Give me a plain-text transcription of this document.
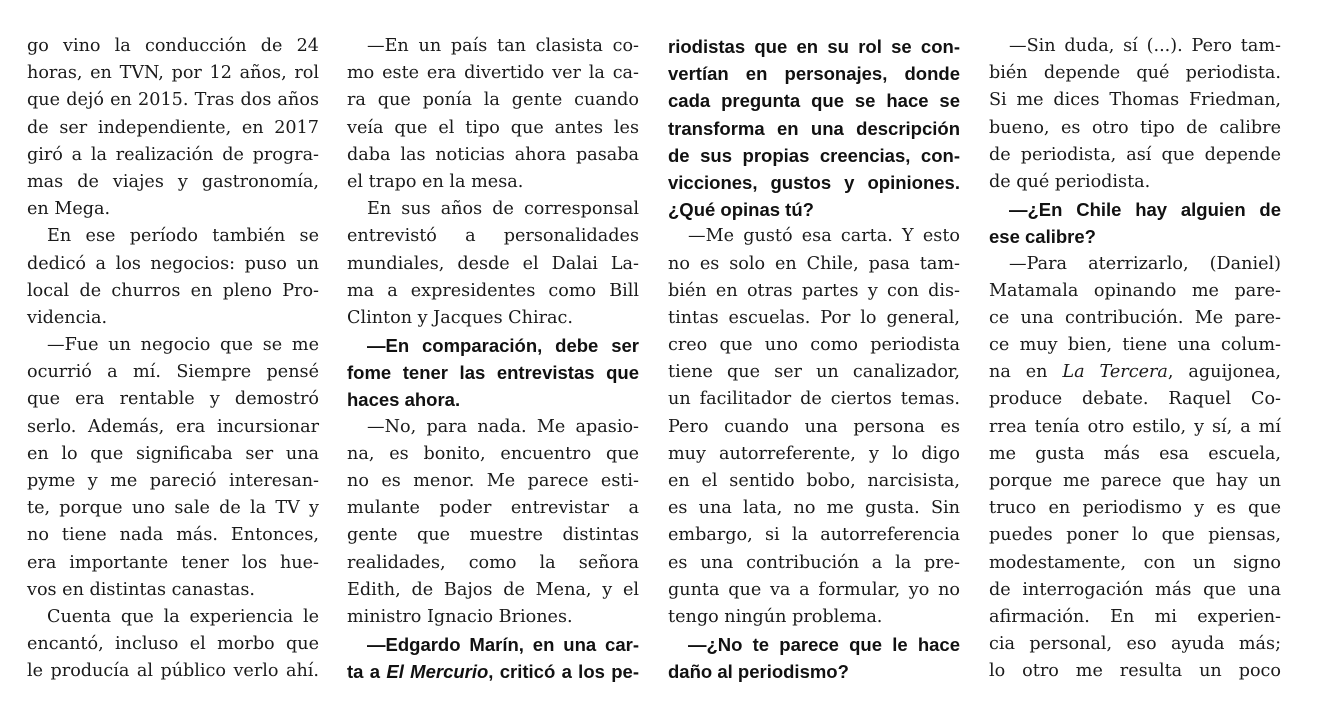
go vino la conducción de 24
horas, en TVN, por 12 años, rol
que dejó en 2015. Tras dos años
de ser independiente, en 2017
giró a la realización de progra-
mas de viajes y gastronomía,
en Mega.
En ese período también se
dedicó a los negocios: puso un
local de churros en pleno Pro-
videncia.
—Fue un negocio que se me
ocurrió a mí. Siempre pensé
que era rentable y demostró
serlo. Además, era incursionar
en lo que significaba ser una
pyme y me pareció interesan-
te, porque uno sale de la TV y
no tiene nada más. Entonces,
era importante tener los hue-
vos en distintas canastas.
Cuenta que la experiencia le
encantó, incluso el morbo que
le producía al público verlo ahí.
—En un país tan clasista co-
mo este era divertido ver la ca-
ra que ponía la gente cuando
veía que el tipo que antes les
daba las noticias ahora pasaba
el trapo en la mesa.
En sus años de corresponsal
entrevistó a personalidades
mundiales, desde el Dalai La-
ma a expresidentes como Bill
Clinton y Jacques Chirac.
—En comparación, debe ser
fome tener las entrevistas que
haces ahora.
—No, para nada. Me apasio-
na, es bonito, encuentro que
no es menor. Me parece esti-
mulante poder entrevistar a
gente que muestre distintas
realidades, como la señora
Edith, de Bajos de Mena, y el
ministro Ignacio Briones.
—Edgardo Marín, en una car-
ta a El Mercurio, criticó a los pe-
riodistas que en su rol se con-
vertían en personajes, donde
cada pregunta que se hace se
transforma en una descripción
de sus propias creencias, con-
vicciones, gustos y opiniones.
¿Qué opinas tú?
—Me gustó esa carta. Y esto
no es solo en Chile, pasa tam-
bién en otras partes y con dis-
tintas escuelas. Por lo general,
creo que uno como periodista
tiene que ser un canalizador,
un facilitador de ciertos temas.
Pero cuando una persona es
muy autorreferente, y lo digo
en el sentido bobo, narcisista,
es una lata, no me gusta. Sin
embargo, si la autorreferencia
es una contribución a la pre-
gunta que va a formular, yo no
tengo ningún problema.
—¿No te parece que le hace
daño al periodismo?
—Sin duda, sí (...). Pero tam-
bién depende qué periodista.
Si me dices Thomas Friedman,
bueno, es otro tipo de calibre
de periodista, así que depende
de qué periodista.
—¿En Chile hay alguien de
ese calibre?
—Para aterrizarlo, (Daniel)
Matamala opinando me pare-
ce una contribución. Me pare-
ce muy bien, tiene una colum-
na en La Tercera, aguijonea,
produce debate. Raquel Co-
rrea tenía otro estilo, y sí, a mí
me gusta más esa escuela,
porque me parece que hay un
truco en periodismo y es que
puedes poner lo que piensas,
modestamente, con un signo
de interrogación más que una
afirmación. En mi experien-
cia personal, eso ayuda más;
lo otro me resulta un poco
